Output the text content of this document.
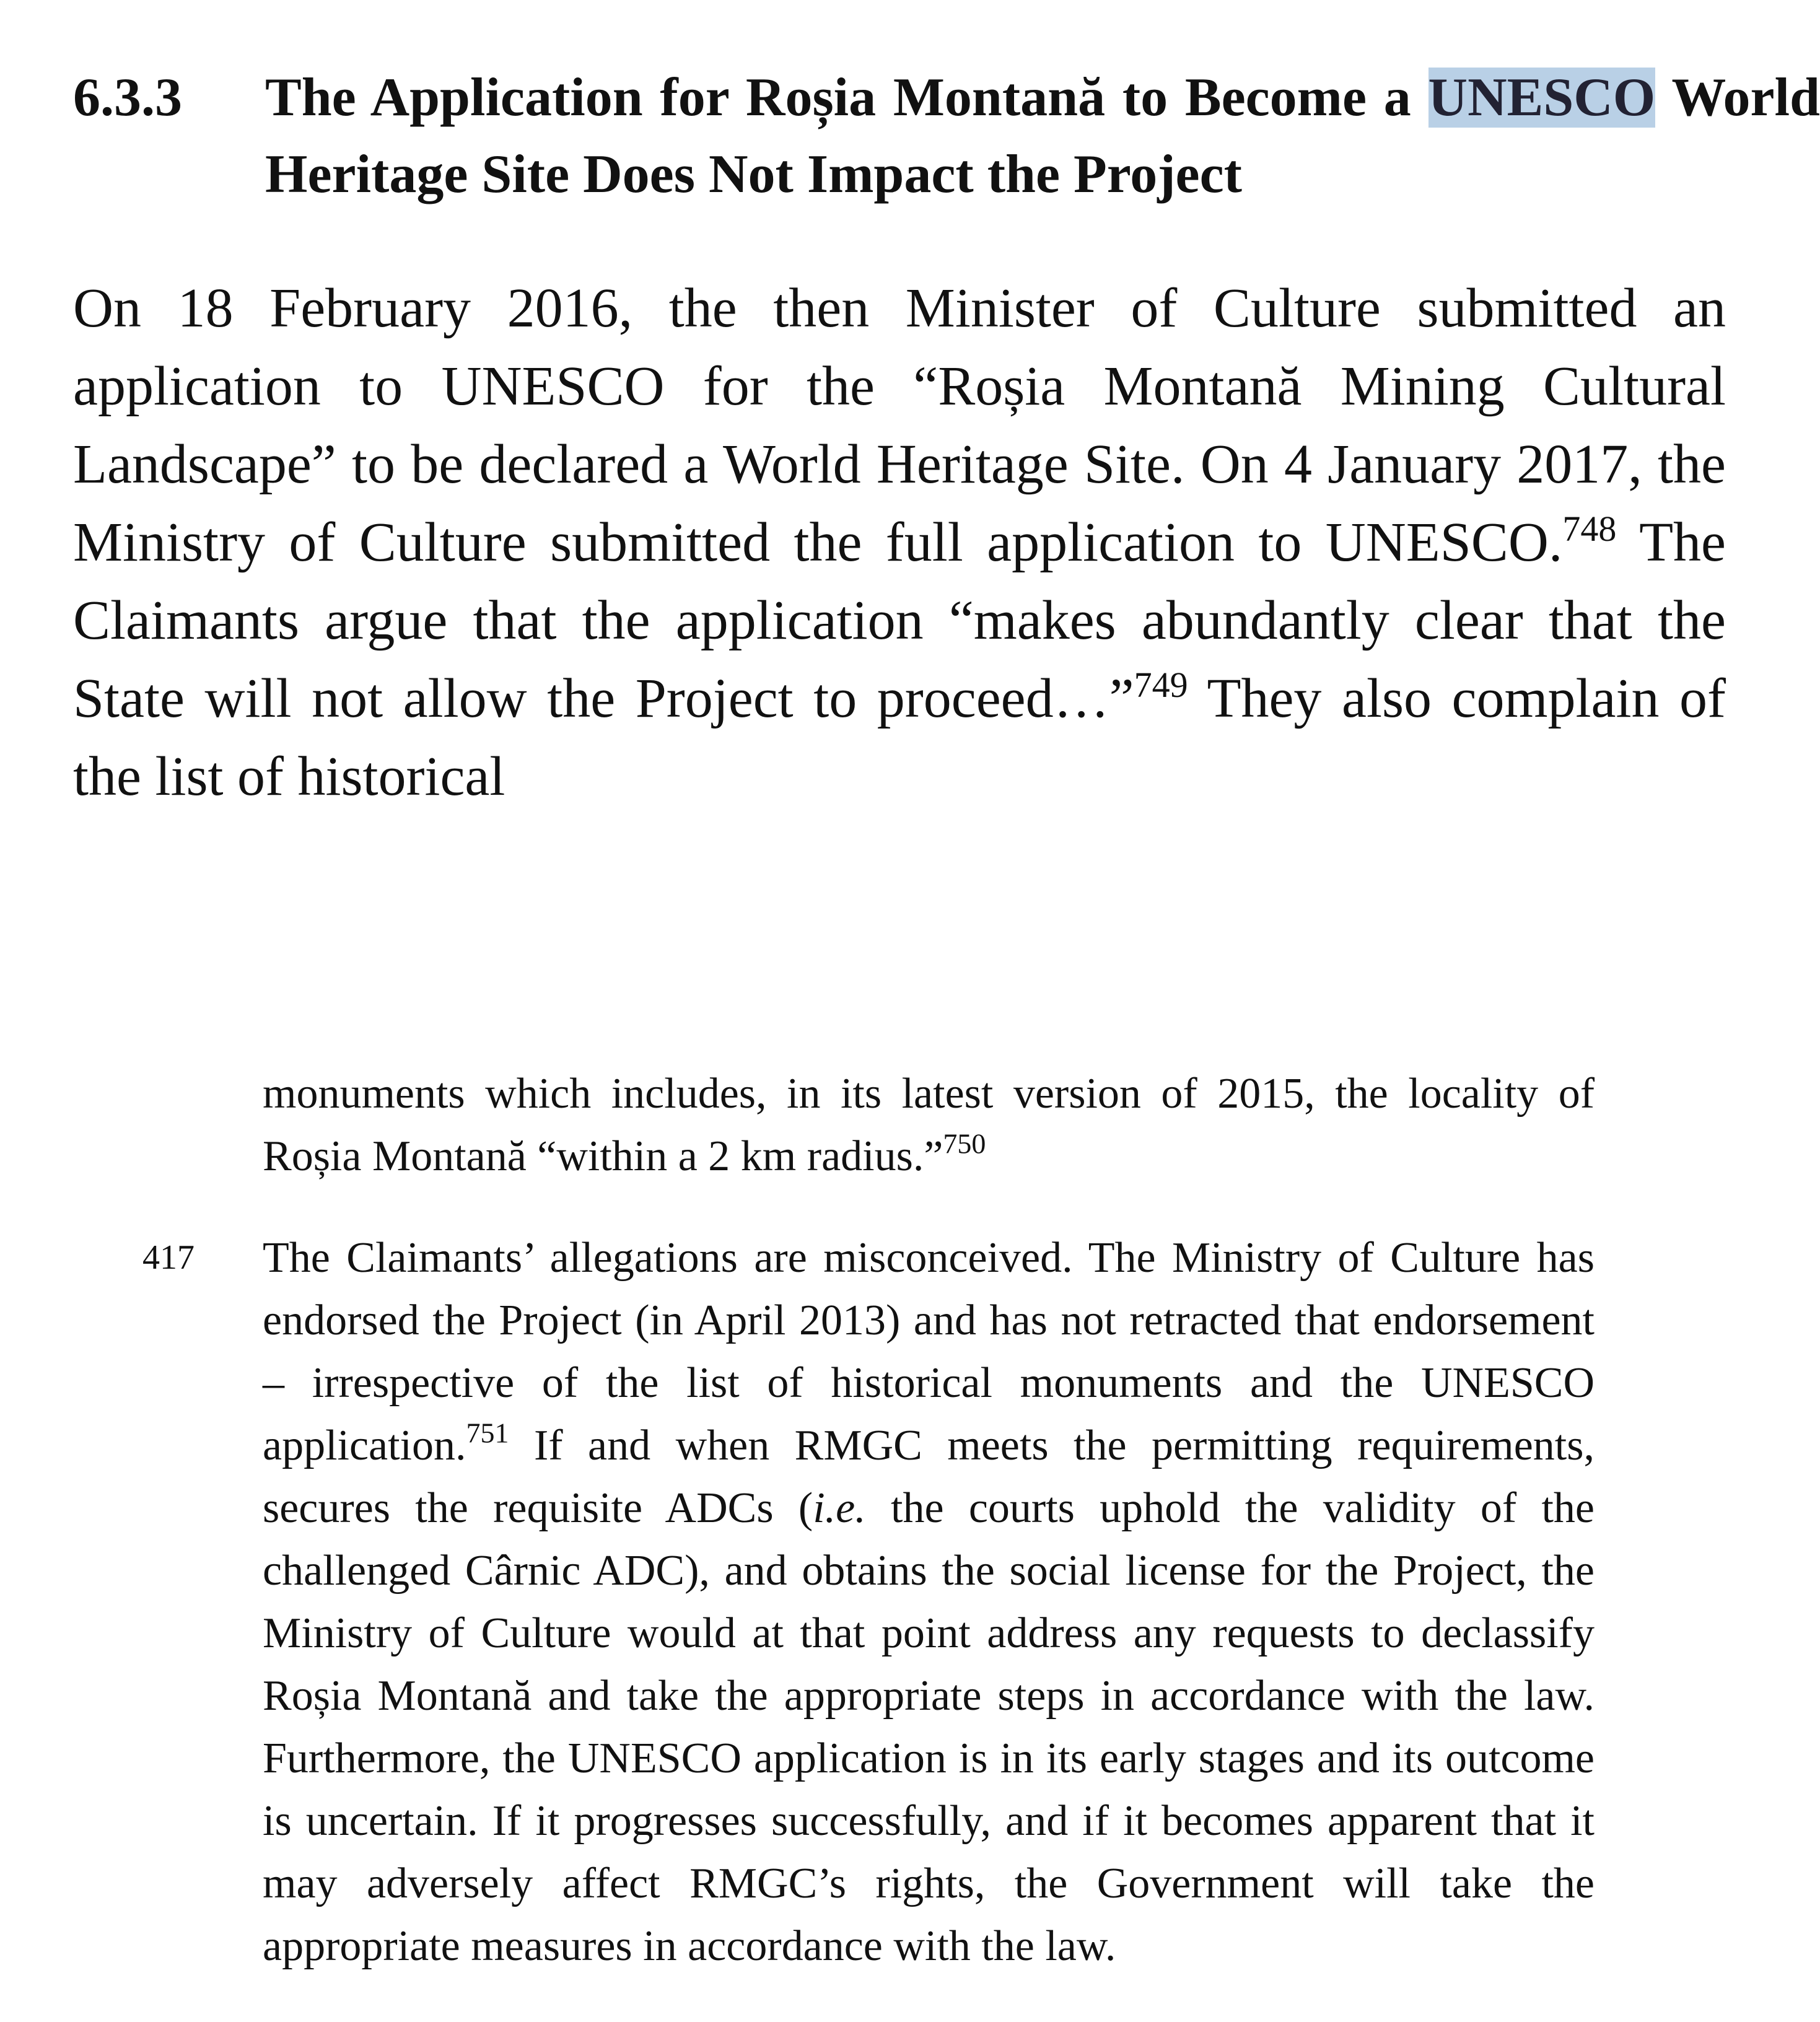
6.3.3 The Application for Roșia Montană to Become a UNESCO World Heritage Site Does Not Impact the Project

On 18 February 2016, the then Minister of Culture submitted an application to UNESCO for the “Roșia Montană Mining Cultural Landscape” to be declared a World Heritage Site. On 4 January 2017, the Ministry of Culture submitted the full application to UNESCO.$^{748}$ The Claimants argue that the application “makes abundantly clear that the State will not allow the Project to proceed…”$^{749}$ They also complain of the list of historical

monuments which includes, in its latest version of 2015, the locality of Roșia Montană “within a 2 km radius.”$^{750}$

417 The Claimants’ allegations are misconceived. The Ministry of Culture has endorsed the Project (in April 2013) and has not retracted that endorsement – irrespective of the list of historical monuments and the UNESCO application.$^{751}$ If and when RMGC meets the permitting requirements, secures the requisite ADCs (i.e. the courts uphold the validity of the challenged Cârnic ADC), and obtains the social license for the Project, the Ministry of Culture would at that point address any requests to declassify Roșia Montană and take the appropriate steps in accordance with the law. Furthermore, the UNESCO application is in its early stages and its outcome is uncertain. If it progresses successfully, and if it becomes apparent that it may adversely affect RMGC’s rights, the Government will take the appropriate measures in accordance with the law.
